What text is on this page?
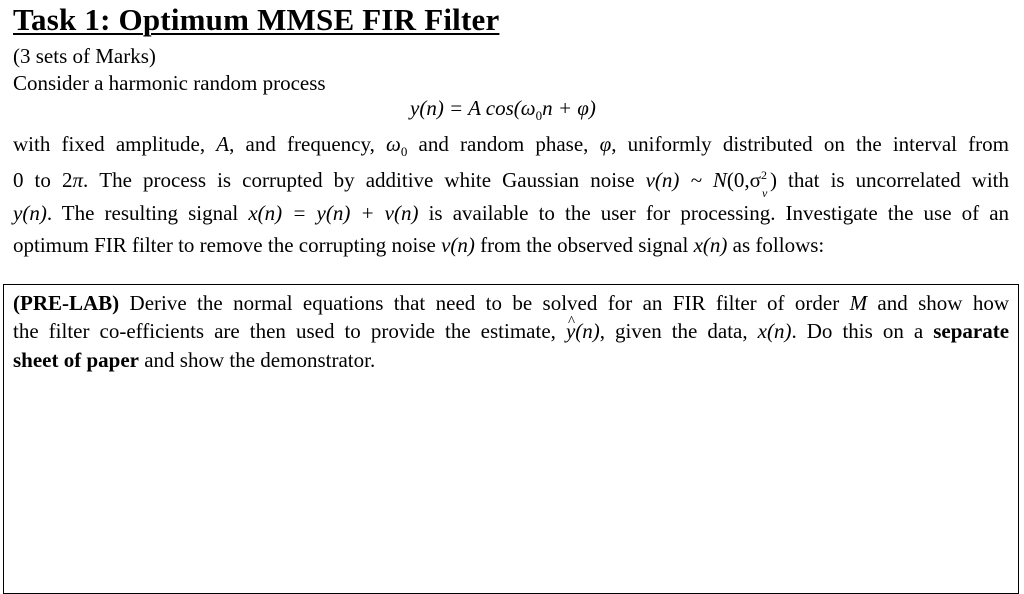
Task 1: Optimum MMSE FIR Filter
(3 sets of Marks)
Consider a harmonic random process
y(n) = A $\cos(\omega_0n + \varphi)$
with fixed amplitude, A, and frequency, $\omega_0$ and random phase, φ, uniformly distributed on the interval from
0 to 2π. The process is corrupted by additive white Gaussian noise v(n) ~ N(0,σ 2
v
) that is uncorrelated with
y(n). The resulting signal x(n) = y(n) + v(n) is available to the user for processing. Investigate the use of an
optimum FIR filter to remove the corrupting noise v(n) from the observed signal x(n) as follows:
(PRE-LAB) Derive the normal equations that need to be solved for an FIR filter of order M and show how
the filter co-efficients are then used to provide the estimate, ^ y(n), given the data, x(n). Do this on a separate
sheet of paper and show the demonstrator.
